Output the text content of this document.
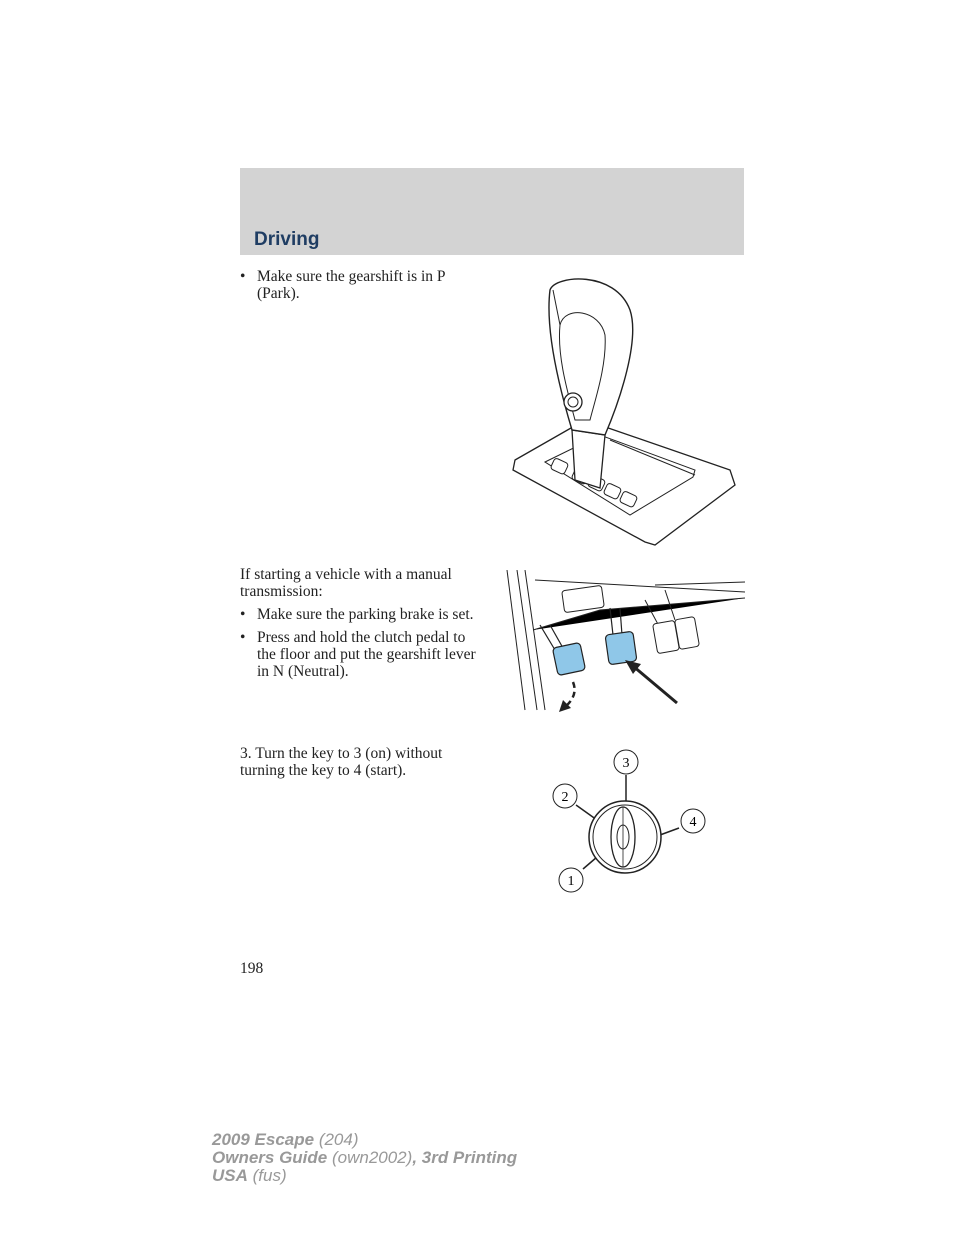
Driving
• Make sure the gearshift is in P (Park).

If starting a vehicle with a manual transmission:

• Make sure the parking brake is set.
• Press and hold the clutch pedal to the floor and put the gearshift lever in N (Neutral).

3. Turn the key to 3 (on) without turning the key to 4 (start).	3
2
4
1
198
2009 Escape (204)
Owners Guide (own2002), 3rd Printing
USA (fus)
